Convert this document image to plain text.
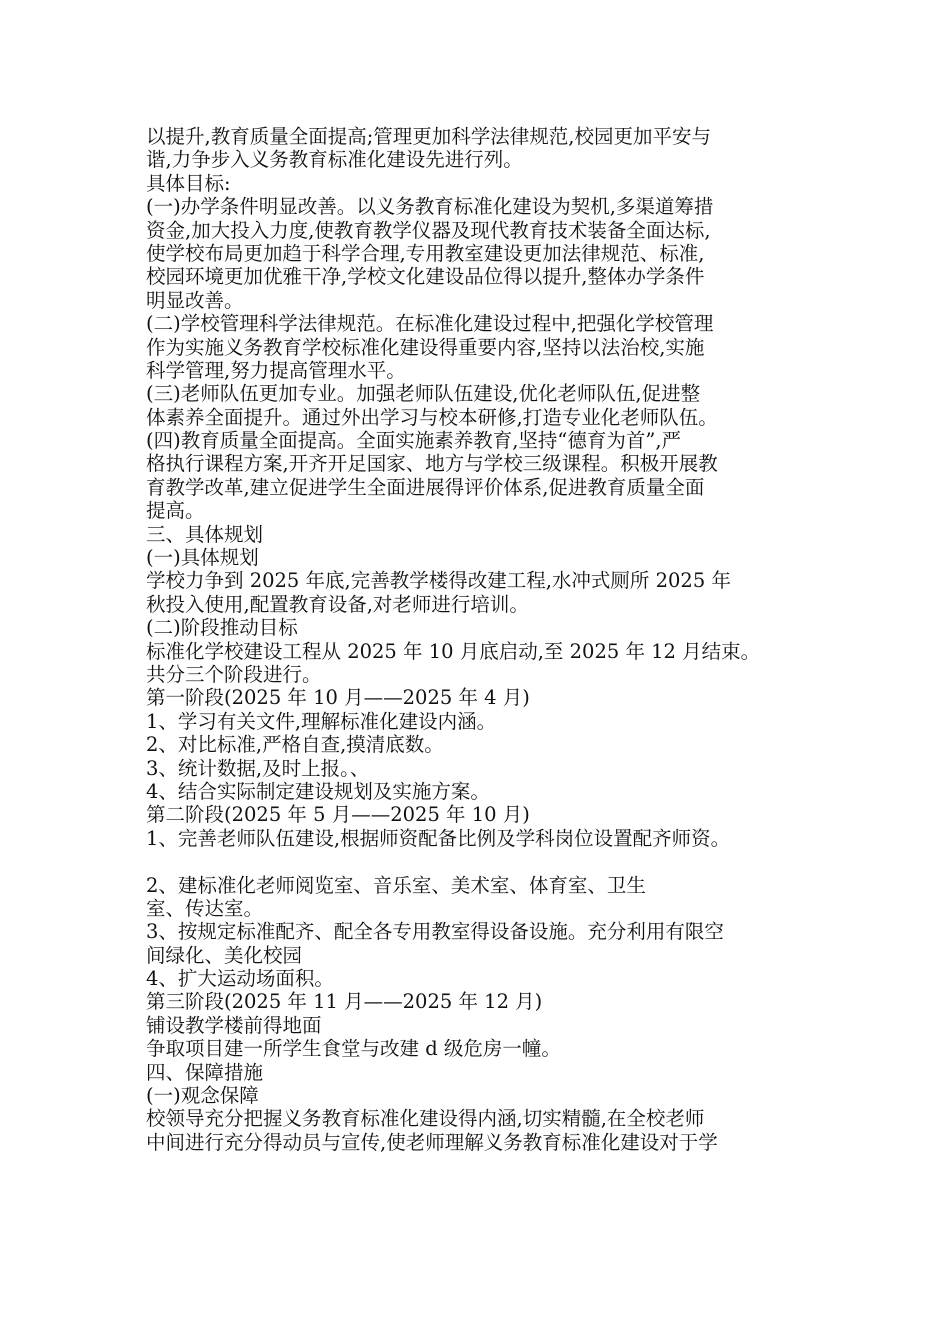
以提升,教育质量全面提高;管理更加科学法律规范,校园更加平安与
谐,力争步入义务教育标准化建设先进行列。
具体目标:
(一)办学条件明显改善。以义务教育标准化建设为契机,多渠道筹措
资金,加大投入力度,使教育教学仪器及现代教育技术装备全面达标,
使学校布局更加趋于科学合理,专用教室建设更加法律规范、标准,
校园环境更加优雅干净,学校文化建设品位得以提升,整体办学条件
明显改善。
(二)学校管理科学法律规范。在标准化建设过程中,把强化学校管理
作为实施义务教育学校标准化建设得重要内容,坚持以法治校,实施
科学管理,努力提高管理水平。
(三)老师队伍更加专业。加强老师队伍建设,优化老师队伍,促进整
体素养全面提升。通过外出学习与校本研修,打造专业化老师队伍。
(四)教育质量全面提高。全面实施素养教育,坚持“德育为首”,严
格执行课程方案,开齐开足国家、地方与学校三级课程。积极开展教
育教学改革,建立促进学生全面进展得评价体系,促进教育质量全面
提高。
三、具体规划
(一)具体规划
学校力争到 2025 年底,完善教学楼得改建工程,水冲式厕所 2025 年
秋投入使用,配置教育设备,对老师进行培训。
(二)阶段推动目标
标准化学校建设工程从 2025 年 10 月底启动,至 2025 年 12 月结束。
共分三个阶段进行。
第一阶段(2025 年 10 月——2025 年 4 月)
1、学习有关文件,理解标准化建设内涵。
2、对比标准,严格自查,摸清底数。
3、统计数据,及时上报。、
4、结合实际制定建设规划及实施方案。
第二阶段(2025 年 5 月——2025 年 10 月)
1、完善老师队伍建设,根据师资配备比例及学科岗位设置配齐师资。
2、建标准化老师阅览室、音乐室、美术室、体育室、卫生
室、传达室。
3、按规定标准配齐、配全各专用教室得设备设施。充分利用有限空
间绿化、美化校园
4、扩大运动场面积。
第三阶段(2025 年 11 月——2025 年 12 月)
铺设教学楼前得地面
争取项目建一所学生食堂与改建 d 级危房一幢。
四、保障措施
(一)观念保障
校领导充分把握义务教育标准化建设得内涵,切实精髓,在全校老师
中间进行充分得动员与宣传,使老师理解义务教育标准化建设对于学
